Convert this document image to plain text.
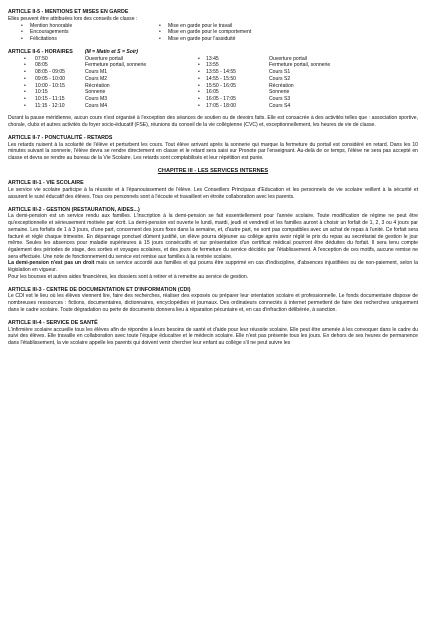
ARTICLE II-5 - MENTIONS ET MISES EN GARDE

Elles peuvent être attribuées lors des conseils de classe :

• Mention honorable
• Encouragements
• Félicitations
• Mise en garde pour le travail
• Mise en garde pour le comportement
• Mise en garde pour l'assiduité
ARTICLE II-6 - HORAIRES (M = Matin et S = Soir)
•	07:50	Ouverture portail
•	08:05	Fermeture portail, sonnerie
•	08:05 - 09:05	Cours M1
•	09:05 - 10:00	Cours M2
•	10:00 - 10:15	Récréation
•	10:15	Sonnerie
•	10:15 - 11:15	Cours M3
•	11:15 - 12:10	Cours M4
•	13:45	Ouverture portail
•	13:55	Fermeture portail, sonnerie
•	13:55 - 14:55	Cours S1
•	14:55 - 15:50	Cours S2
•	15:50 - 16:05	Récréation
•	16:05	Sonnerie
•	16:05 - 17:05	Cours S3
•	17:05 - 18:00	Cours S4

Durant la pause méridienne, aucun cours n'est organisé à l'exception des séances de soutien ou de devoirs faits. Elle est consacrée à des activités telles que : association sportive, chorale, clubs et autres activités du foyer socio-éducatif (FSE), réunions du conseil de la vie collégienne (CVC) et, exceptionnellement, les heures de vie de classe.

ARTICLE II-7 - PONCTUALITÉ - RETARDS

Les retards nuisent à la scolarité de l'élève et perturbent les cours. Tout élève arrivant après la sonnerie qui marque la fermeture du portail est considéré en retard. Dans les 10 minutes suivant la sonnerie, l'élève devra se rendre directement en classe et le retard sera saisi sur Pronote par l'enseignant. Au-delà de ce temps, l'élève ne sera pas accepté en classe et devra se rendre au bureau de la Vie Scolaire. Les retards sont comptabilisés et leur répétition est punie.

CHAPITRE III - LES SERVICES INTERNES
ARTICLE III-1 - VIE SCOLAIRE

Le service vie scolaire participe à la réussite et à l'épanouissement de l'élève. Les Conseillers Principaux d'Education et les personnels de vie scolaire veillent à la sécurité et assurent le suivi éducatif des élèves. Tous ces personnels sont à l'écoute et travaillent en étroite collaboration avec les parents.

ARTICLE III-2 - GESTION (RESTAURATION, AIDES...)

La demi-pension est un service rendu aux familles. L'inscription à la demi-pension se fait essentiellement pour l'année scolaire. Toute modification de régime ne peut être qu'exceptionnelle et sérieusement motivée par écrit. La demi-pension est ouverte le lundi, mardi, jeudi et vendredi et les familles auront à choisir un forfait de 1, 2, 3 ou 4 jours par semaine. Les forfaits de 1 à 3 jours, d'une part, concernent des jours fixes dans la semaine, et, d'autre part, ne sont pas compatibles avec un achat de repas à l'unité. Ce forfait sera facturé et réglé chaque trimestre. En dépannage ponctuel dûment justifié, un élève pourra déjeuner au collège après avoir réglé le prix du repas au secrétariat de gestion le jour même. Seules les absences pour maladie supérieures à 15 jours consécutifs et sur présentation d'un certificat médical pourront être déduites du forfait. Il sera tenu compte également des périodes de stage, des sorties et voyages scolaires, et des jours de fermeture du service décidés par l'établissement. A l'exception de ces motifs, aucune remise ne sera effectuée. Une note de fonctionnement du service est remise aux familles à la rentrée scolaire.

La demi-pension n'est pas un droit mais un service accordé aux familles et qui pourra être supprimé en cas d'indiscipline, d'absences injustifiées ou de non-paiement, selon la législation en vigueur.

Pour les bourses et autres aides financières, les dossiers sont à retirer et à remettre au service de gestion.

ARTICLE III-3 - CENTRE DE DOCUMENTATION ET D'INFORMATION (CDI)

Le CDI est le lieu où les élèves viennent lire, faire des recherches, réaliser des exposés ou préparer leur orientation scolaire et professionnelle. Le fonds documentaire dispose de nombreuses ressources : fictions, documentaires, dictionnaires, encyclopédies et journaux. Des ordinateurs connectés à internet permettent de faire des recherches uniquement dans le cadre scolaire. Toute dégradation ou perte de documents donnera lieu à réparation pécuniaire et, en cas d'infraction délibérée, à sanction.

ARTICLE III-4 - SERVICE DE SANTÉ

L'infirmière scolaire accueille tous les élèves afin de répondre à leurs besoins de santé et d'aide pour leur réussite scolaire. Elle peut être amenée à les convoquer dans le cadre du suivi des élèves. Elle travaille en collaboration avec toute l'équipe éducative et le médecin scolaire. Elle n'est pas présente tous les jours. En dehors de ses heures de permanence dans l'établissement, la vie scolaire appelle les parents qui doivent venir chercher leur enfant au collège s'il ne peut suivre les
